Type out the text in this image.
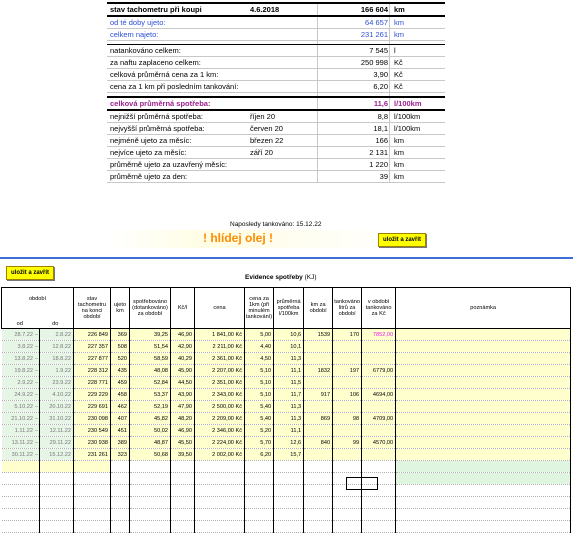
stav tachometru při koupi	4.6.2018	166 604 km
od té doby ujeto:	64 657 km
celkem najeto:	231 261 km
natankováno celkem:	7 545 l
za naftu zaplaceno celkem:	250 998 Kč
celková průměrná cena za 1 km:	3,90 Kč
cena za 1 km při posledním tankování:	6,20 Kč
celková průměrná spotřeba:	11,6 l/100km
nejnižší průměrná spotřeba:	říjen 20	8,8 l/100km
nejvyšší průměrná spotřeba:	červen 20	18,1 l/100km
nejméně ujeto za měsíc:	březen 22	166 km
nejvíce ujeto za měsíc:	září 20	2 131 km
průměrně ujeto za uzavřený měsíc:	1 220 km
průměrně ujeto za den:	39 km
Naposledy tankováno: 15.12.22
! hlídej olej !	uložit a zavřít
uložit a zavřít
Evidence spotřeby (KJ)
období
od do		stav tachometru na konci období	ujeto km	spotřebováno (dotankováno) za období	Kč/l	cena	cena za 1km (při minulém tankování)	průměrná spotřeba l/100km	km za období	tankováno litrů za období	v období tankováno za Kč	poznámka
28.7.22 –	2.8.22	226 849	369	39,25	46,90	1 841,00 Kč	5,00	10,6	1539	170	7852,00	
3.8.22 –	12.8.22	227 357	508	51,54	42,90	2 211,00 Kč	4,40	10,1				
13.8.22 –	18.8.22	227 877	520	58,59	40,29	2 361,00 Kč	4,50	11,3				
19.8.22 –	1.9.22	228 312	435	48,08	45,90	2 207,00 Kč	5,10	11,1	1832	197	6779,00	
2.9.22 –	23.9.22	228 771	459	52,84	44,50	2 351,00 Kč	5,10	11,5				
24.9.22 –	4.10.22	229 229	458	53,37	43,90	2 343,00 Kč	5,10	11,7	917	106	4694,00	
5.10.22 –	20.10.22	229 691	462	52,19	47,90	2 500,00 Kč	5,40	11,3				
21.10.22 –	31.10.22	230 098	407	45,82	48,20	2 209,00 Kč	5,40	11,3	869	98	4709,00	
1.11.22 –	12.11.22	230 549	451	50,02	46,90	2 346,00 Kč	5,20	11,1				
13.11.22 –	29.11.22	230 938	389	48,87	45,50	2 224,00 Kč	5,70	12,6	840	99	4570,00	
30.11.22 –	15.12.22	231 261	323	50,68	39,50	2 002,00 Kč	6,20	15,7				
